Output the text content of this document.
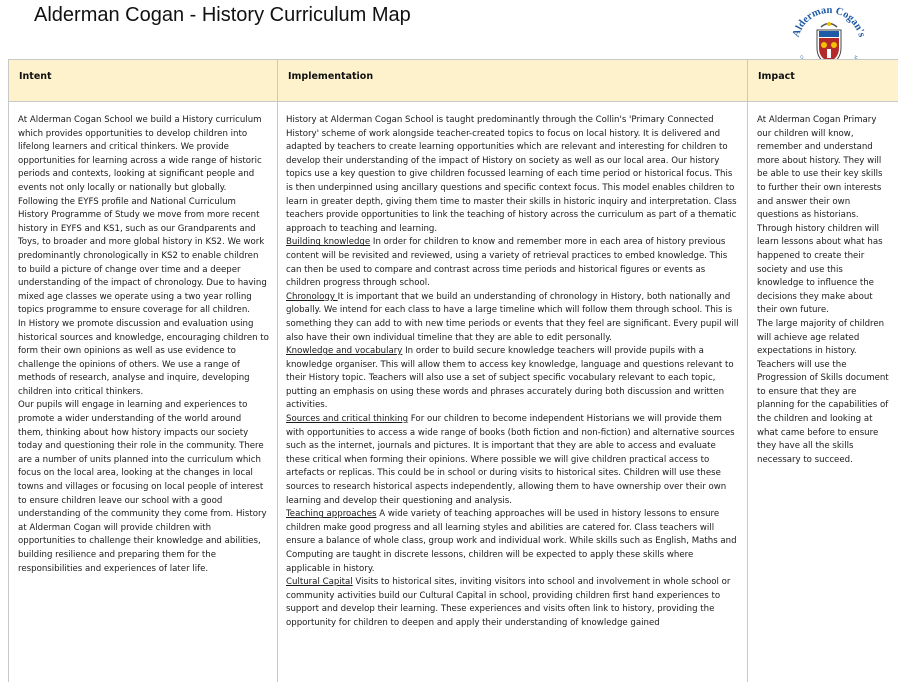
Alderman Cogan - History Curriculum Map
Alderman Cogan's
C Y
Intent	Implementation	Impact

At Alderman Cogan School we build a History curriculum which provides opportunities to develop children into lifelong learners and critical thinkers. We provide opportunities for learning across a wide range of historic periods and contexts, looking at significant people and events not only locally or nationally but globally. Following the EYFS profile and National Curriculum History Programme of Study we move from more recent history in EYFS and KS1, such as our Grandparents and Toys, to broader and more global history in KS2. We work predominantly chronologically in KS2 to enable children to build a picture of change over time and a deeper understanding of the impact of chronology. Due to having mixed age classes we operate using a two year rolling topics programme to ensure coverage for all children.

In History we promote discussion and evaluation using historical sources and knowledge, encouraging children to form their own opinions as well as use evidence to challenge the opinions of others. We use a range of methods of research, analyse and inquire, developing children into critical thinkers.

Our pupils will engage in learning and experiences to promote a wider understanding of the world around them, thinking about how history impacts our society today and questioning their role in the community. There are a number of units planned into the curriculum which focus on the local area, looking at the changes in local towns and villages or focusing on local people of interest to ensure children leave our school with a good understanding of the community they come from. History at Alderman Cogan will provide children with opportunities to challenge their knowledge and abilities, building resilience and preparing them for the responsibilities and experiences of later life.

History at Alderman Cogan School is taught predominantly through the Collin's 'Primary Connected History' scheme of work alongside teacher-created topics to focus on local history. It is delivered and adapted by teachers to create learning opportunities which are relevant and interesting for children to develop their understanding of the impact of History on society as well as our local area. Our history topics use a key question to give children focussed learning of each time period or historical focus. This is then underpinned using ancillary questions and specific context focus. This model enables children to learn in greater depth, giving them time to master their skills in historic inquiry and interpretation. Class teachers provide opportunities to link the teaching of history across the curriculum as part of a thematic approach to teaching and learning.

Building knowledge In order for children to know and remember more in each area of history previous content will be revisited and reviewed, using a variety of retrieval practices to embed knowledge. This can then be used to compare and contrast across time periods and historical figures or events as children progress through school.

Chronology It is important that we build an understanding of chronology in History, both nationally and globally. We intend for each class to have a large timeline which will follow them through school. This is something they can add to with new time periods or events that they feel are significant. Every pupil will also have their own individual timeline that they are able to edit personally.

Knowledge and vocabulary In order to build secure knowledge teachers will provide pupils with a knowledge organiser. This will allow them to access key knowledge, language and questions relevant to their History topic. Teachers will also use a set of subject specific vocabulary relevant to each topic, putting an emphasis on using these words and phrases accurately during both discussion and written activities.

Sources and critical thinking For our children to become independent Historians we will provide them with opportunities to access a wide range of books (both fiction and non-fiction) and alternative sources such as the internet, journals and pictures. It is important that they are able to access and evaluate these critical when forming their opinions. Where possible we will give children practical access to artefacts or replicas. This could be in school or during visits to historical sites. Children will use these sources to research historical aspects independently, allowing them to have ownership over their own learning and develop their questioning and analysis.

Teaching approaches A wide variety of teaching approaches will be used in history lessons to ensure children make good progress and all learning styles and abilities are catered for. Class teachers will ensure a balance of whole class, group work and individual work. While skills such as English, Maths and Computing are taught in discrete lessons, children will be expected to apply these skills where applicable in history.

Cultural Capital Visits to historical sites, inviting visitors into school and involvement in whole school or community activities build our Cultural Capital in school, providing children first hand experiences to support and develop their learning. These experiences and visits often link to history, providing the opportunity for children to deepen and apply their understanding of knowledge gained

At Alderman Cogan Primary our children will know, remember and understand more about history. They will be able to use their key skills to further their own interests and answer their own questions as historians. Through history children will learn lessons about what has happened to create their society and use this knowledge to influence the decisions they make about their own future.

The large majority of children will achieve age related expectations in history. Teachers will use the Progression of Skills document to ensure that they are planning for the capabilities of the children and looking at what came before to ensure they have all the skills necessary to succeed.
